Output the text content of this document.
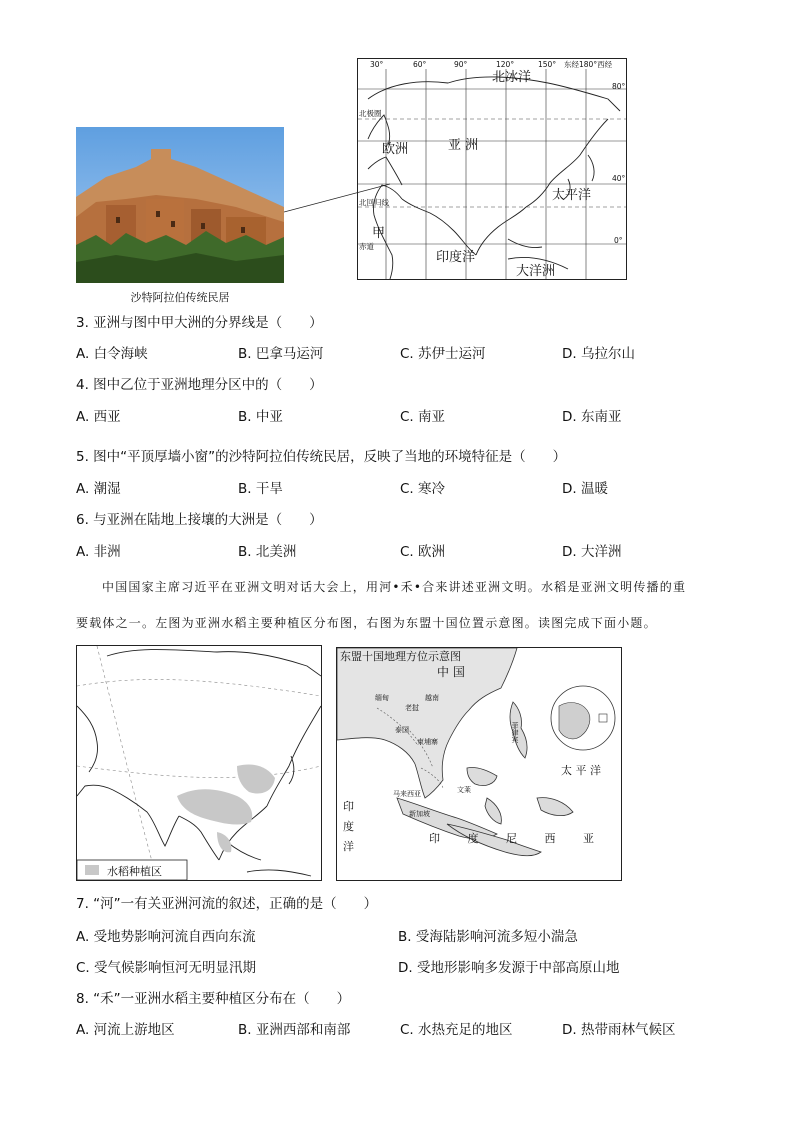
沙特阿拉伯传统民居
30°	60°	90°	120°	150° 东经180°西经
80°
40°
0°
北极圈
北回归线
赤道
北冰洋
欧洲	亚 洲
太平洋
印度洋
大洋洲
甲
3. 亚洲与图中甲大洲的分界线是（　　）
A. 白令海峡	B. 巴拿马运河	C. 苏伊士运河	D. 乌拉尔山
4. 图中乙位于亚洲地理分区中的（　　）
A. 西亚	B. 中亚	C. 南亚	D. 东南亚
5. 图中“平顶厚墙小窗”的沙特阿拉伯传统民居，反映了当地的环境特征是（　　）
A. 潮湿	B. 干旱	C. 寒冷	D. 温暖
6. 与亚洲在陆地上接壤的大洲是（　　）
A. 非洲	B. 北美洲	C. 欧洲	D. 大洋洲
中国国家主席习近平在亚洲文明对话大会上，用河•禾•合来讲述亚洲文明。水稻是亚洲文明传播的重
要载体之一。左图为亚洲水稻主要种植区分布图，右图为东盟十国位置示意图。读图完成下面小题。
水稻种植区
东盟十国地理方位示意图
中 国
缅甸
老挝
越南
泰国
柬埔寨	菲律宾
马来西亚	文莱
新加坡
太 平 洋
印
度
洋
印 度 尼 西 亚
7. “河”一有关亚洲河流的叙述，正确的是（　　）
A. 受地势影响河流自西向东流	B. 受海陆影响河流多短小湍急
C. 受气候影响恒河无明显汛期	D. 受地形影响多发源于中部高原山地
8. “禾”一亚洲水稻主要种植区分布在（　　）
A. 河流上游地区	B. 亚洲西部和南部	C. 水热充足的地区	D. 热带雨林气候区
